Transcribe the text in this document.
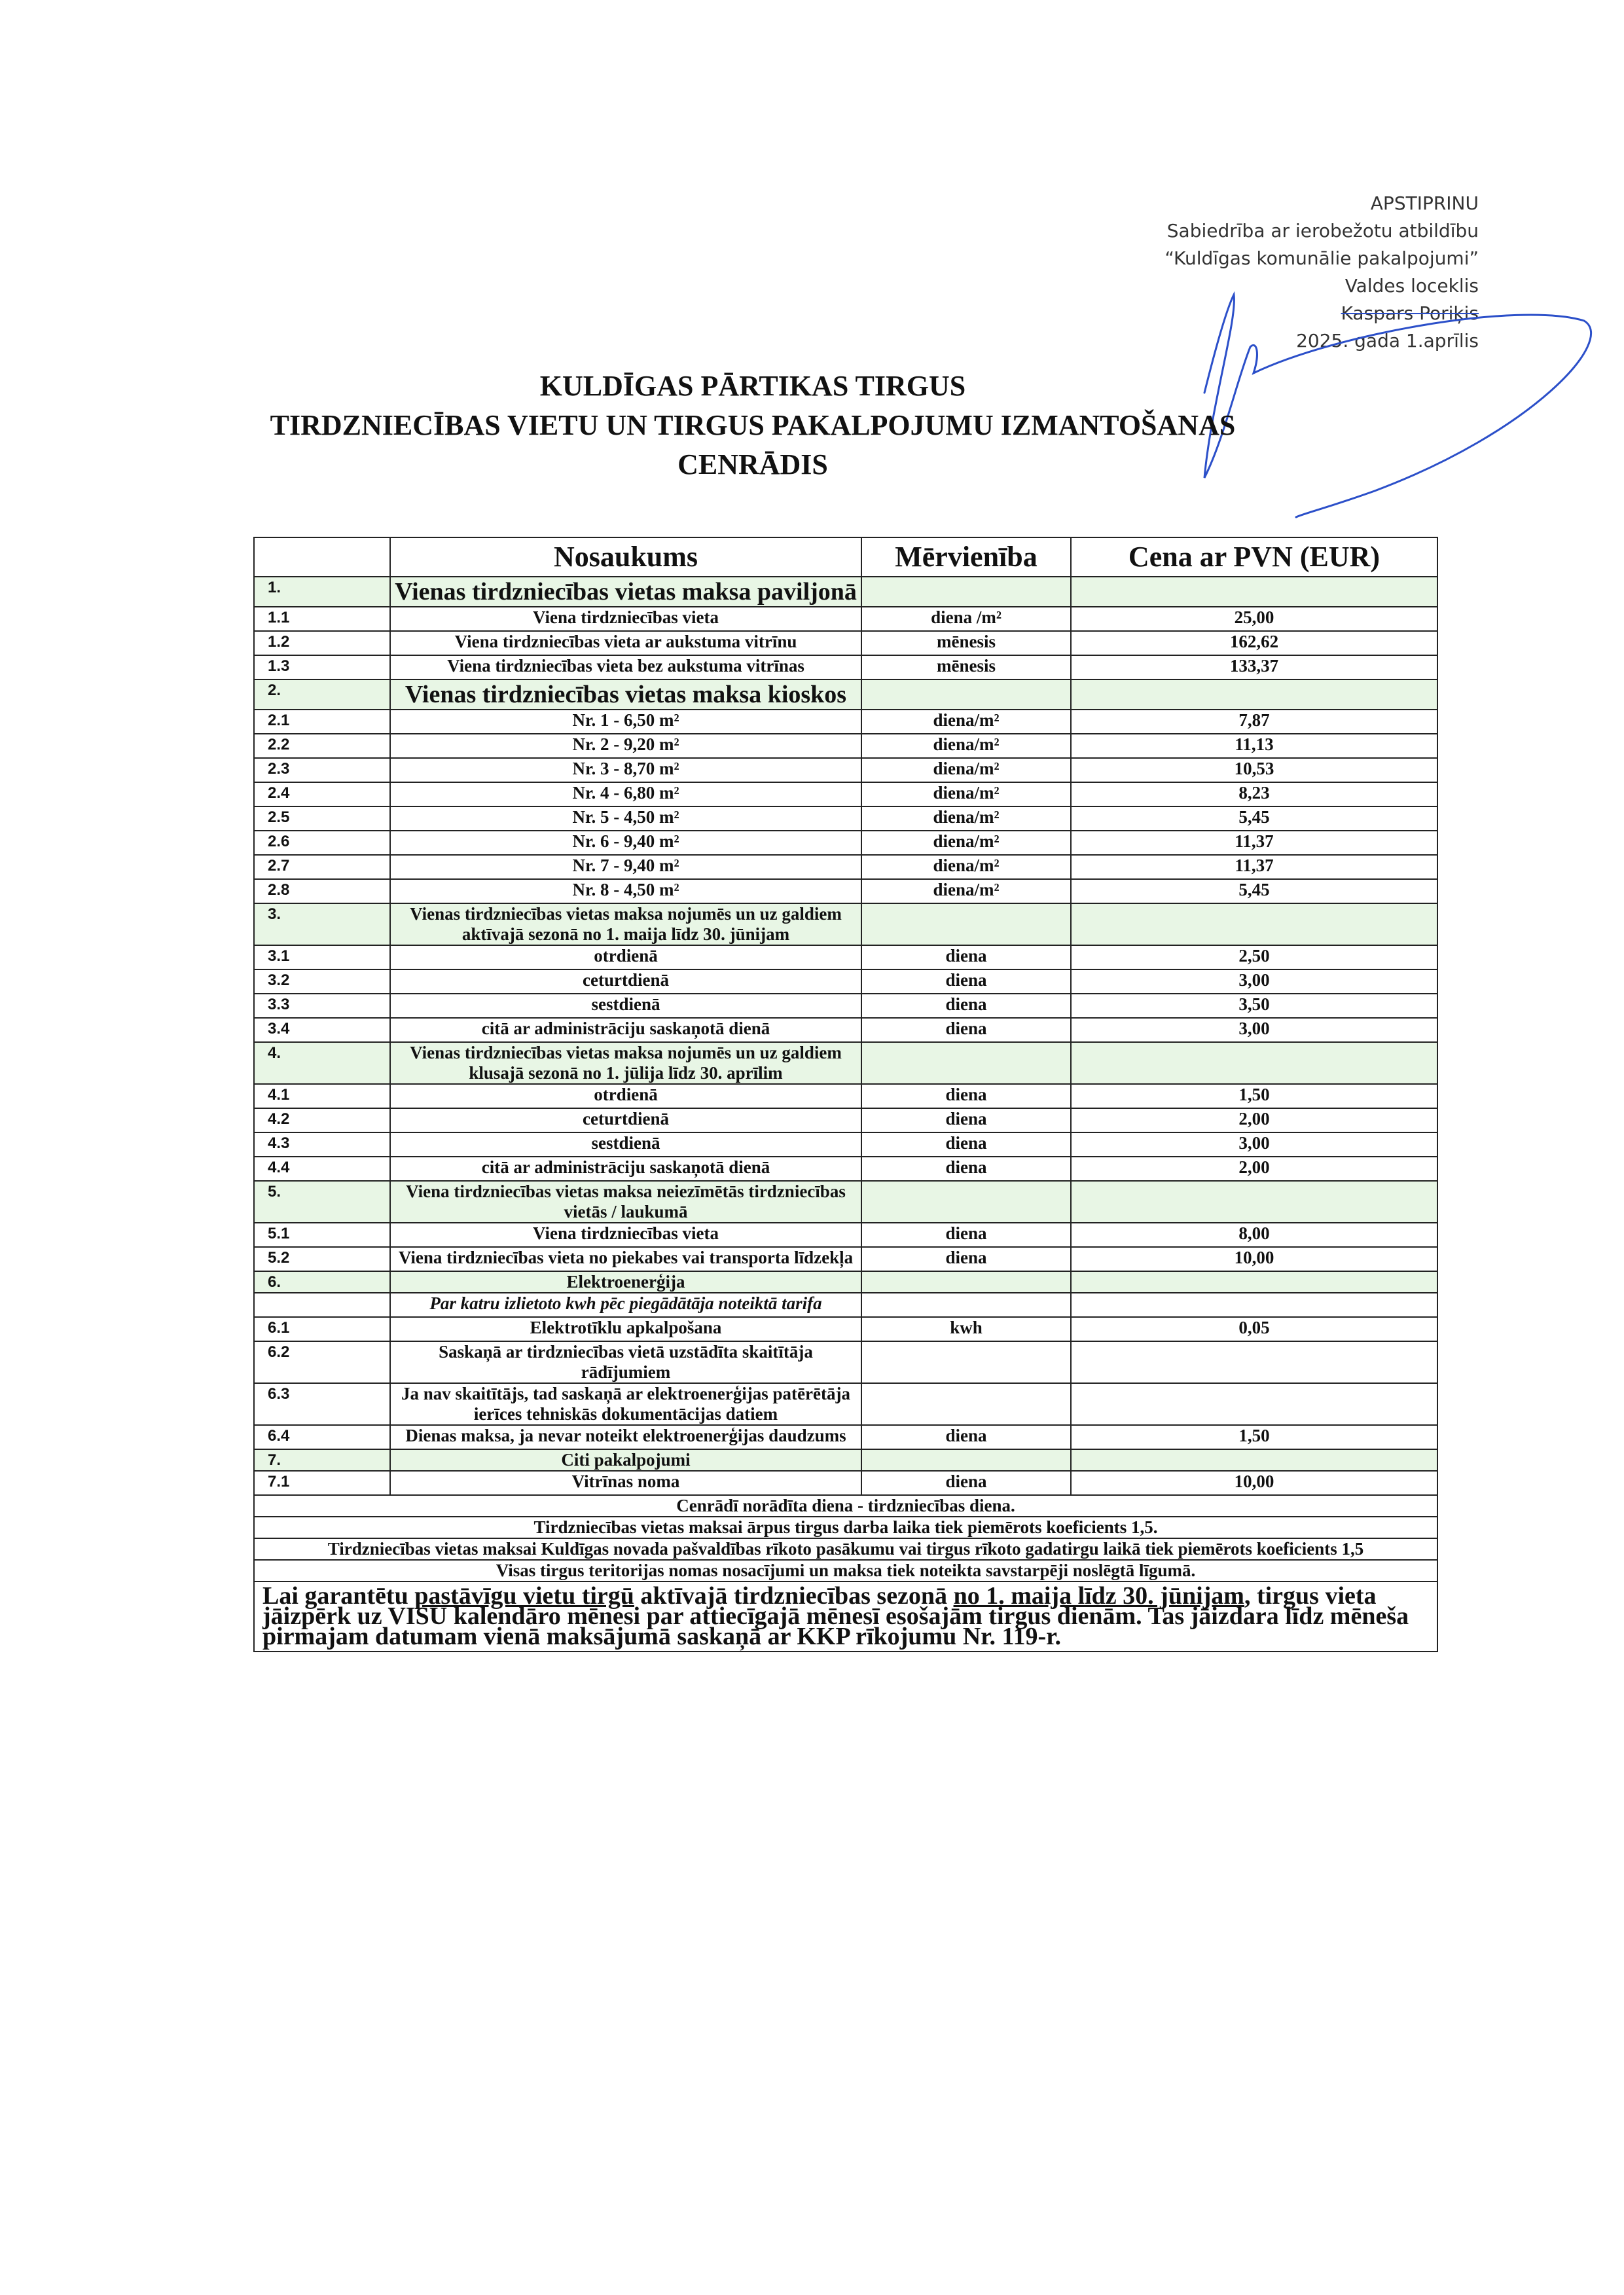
APSTIPRINU
Sabiedrība ar ierobežotu atbildību
“Kuldīgas komunālie pakalpojumi”
Valdes loceklis
Kaspars Poriķis
2025. gada 1.aprīlis
KULDĪGAS PĀRTIKAS TIRGUS
TIRDZNIECĪBAS VIETU UN TIRGUS PAKALPOJUMU IZMANTOŠANAS
CENRĀDIS
	Nosaukums	Mērvienība	Cena ar PVN (EUR)
1.	Vienas tirdzniecības vietas maksa paviljonā		
1.1	Viena tirdzniecības vieta	diena /m²	25,00
1.2	Viena tirdzniecības vieta ar aukstuma vitrīnu	mēnesis	162,62
1.3	Viena tirdzniecības vieta bez aukstuma vitrīnas	mēnesis	133,37
2.	Vienas tirdzniecības vietas maksa kioskos		
2.1	Nr. 1 - 6,50 m²	diena/m²	7,87
2.2	Nr. 2 - 9,20 m²	diena/m²	11,13
2.3	Nr. 3 - 8,70 m²	diena/m²	10,53
2.4	Nr. 4 - 6,80 m²	diena/m²	8,23
2.5	Nr. 5 - 4,50 m²	diena/m²	5,45
2.6	Nr. 6 - 9,40 m²	diena/m²	11,37
2.7	Nr. 7 - 9,40 m²	diena/m²	11,37
2.8	Nr. 8 - 4,50 m²	diena/m²	5,45
3.	Vienas tirdzniecības vietas maksa nojumēs un uz galdiem aktīvajā sezonā no 1. maija līdz 30. jūnijam		
3.1	otrdienā	diena	2,50
3.2	ceturtdienā	diena	3,00
3.3	sestdienā	diena	3,50
3.4	citā ar administrāciju saskaņotā dienā	diena	3,00
4.	Vienas tirdzniecības vietas maksa nojumēs un uz galdiem klusajā sezonā no 1. jūlija līdz 30. aprīlim		
4.1	otrdienā	diena	1,50
4.2	ceturtdienā	diena	2,00
4.3	sestdienā	diena	3,00
4.4	citā ar administrāciju saskaņotā dienā	diena	2,00
5.	Viena tirdzniecības vietas maksa neiezīmētās tirdzniecības vietās / laukumā		
5.1	Viena tirdzniecības vieta	diena	8,00
5.2	Viena tirdzniecības vieta no piekabes vai transporta līdzekļa	diena	10,00
6.	Elektroenerģija		
	Par katru izlietoto kwh pēc piegādātāja noteiktā tarifa		
6.1	Elektrotīklu apkalpošana	kwh	0,05
6.2	Saskaņā ar tirdzniecības vietā uzstādīta skaitītāja rādījumiem		
6.3	Ja nav skaitītājs, tad saskaņā ar elektroenerģijas patērētāja ierīces tehniskās dokumentācijas datiem		
6.4	Dienas maksa, ja nevar noteikt elektroenerģijas daudzums	diena	1,50
7.	Citi pakalpojumi		
7.1	Vitrīnas noma	diena	10,00
Cenrādī norādīta diena - tirdzniecības diena.			
Tirdzniecības vietas maksai ārpus tirgus darba laika tiek piemērots koeficients 1,5.			
Tirdzniecības vietas maksai Kuldīgas novada pašvaldības rīkoto pasākumu vai tirgus rīkoto gadatirgu laikā tiek piemērots koeficients 1,5			
Visas tirgus teritorijas nomas nosacījumi un maksa tiek noteikta savstarpēji noslēgtā līgumā.			
Lai garantētu pastāvīgu vietu tirgū aktīvajā tirdzniecības sezonā no 1. maija līdz 30. jūnijam, tirgus vieta jāizpērk uz VISU kalendāro mēnesi par attiecīgajā mēnesī esošajām tirgus dienām. Tas jāizdara līdz mēneša pirmajam datumam vienā maksājumā saskaņā ar KKP rīkojumu Nr. 119-r.			
